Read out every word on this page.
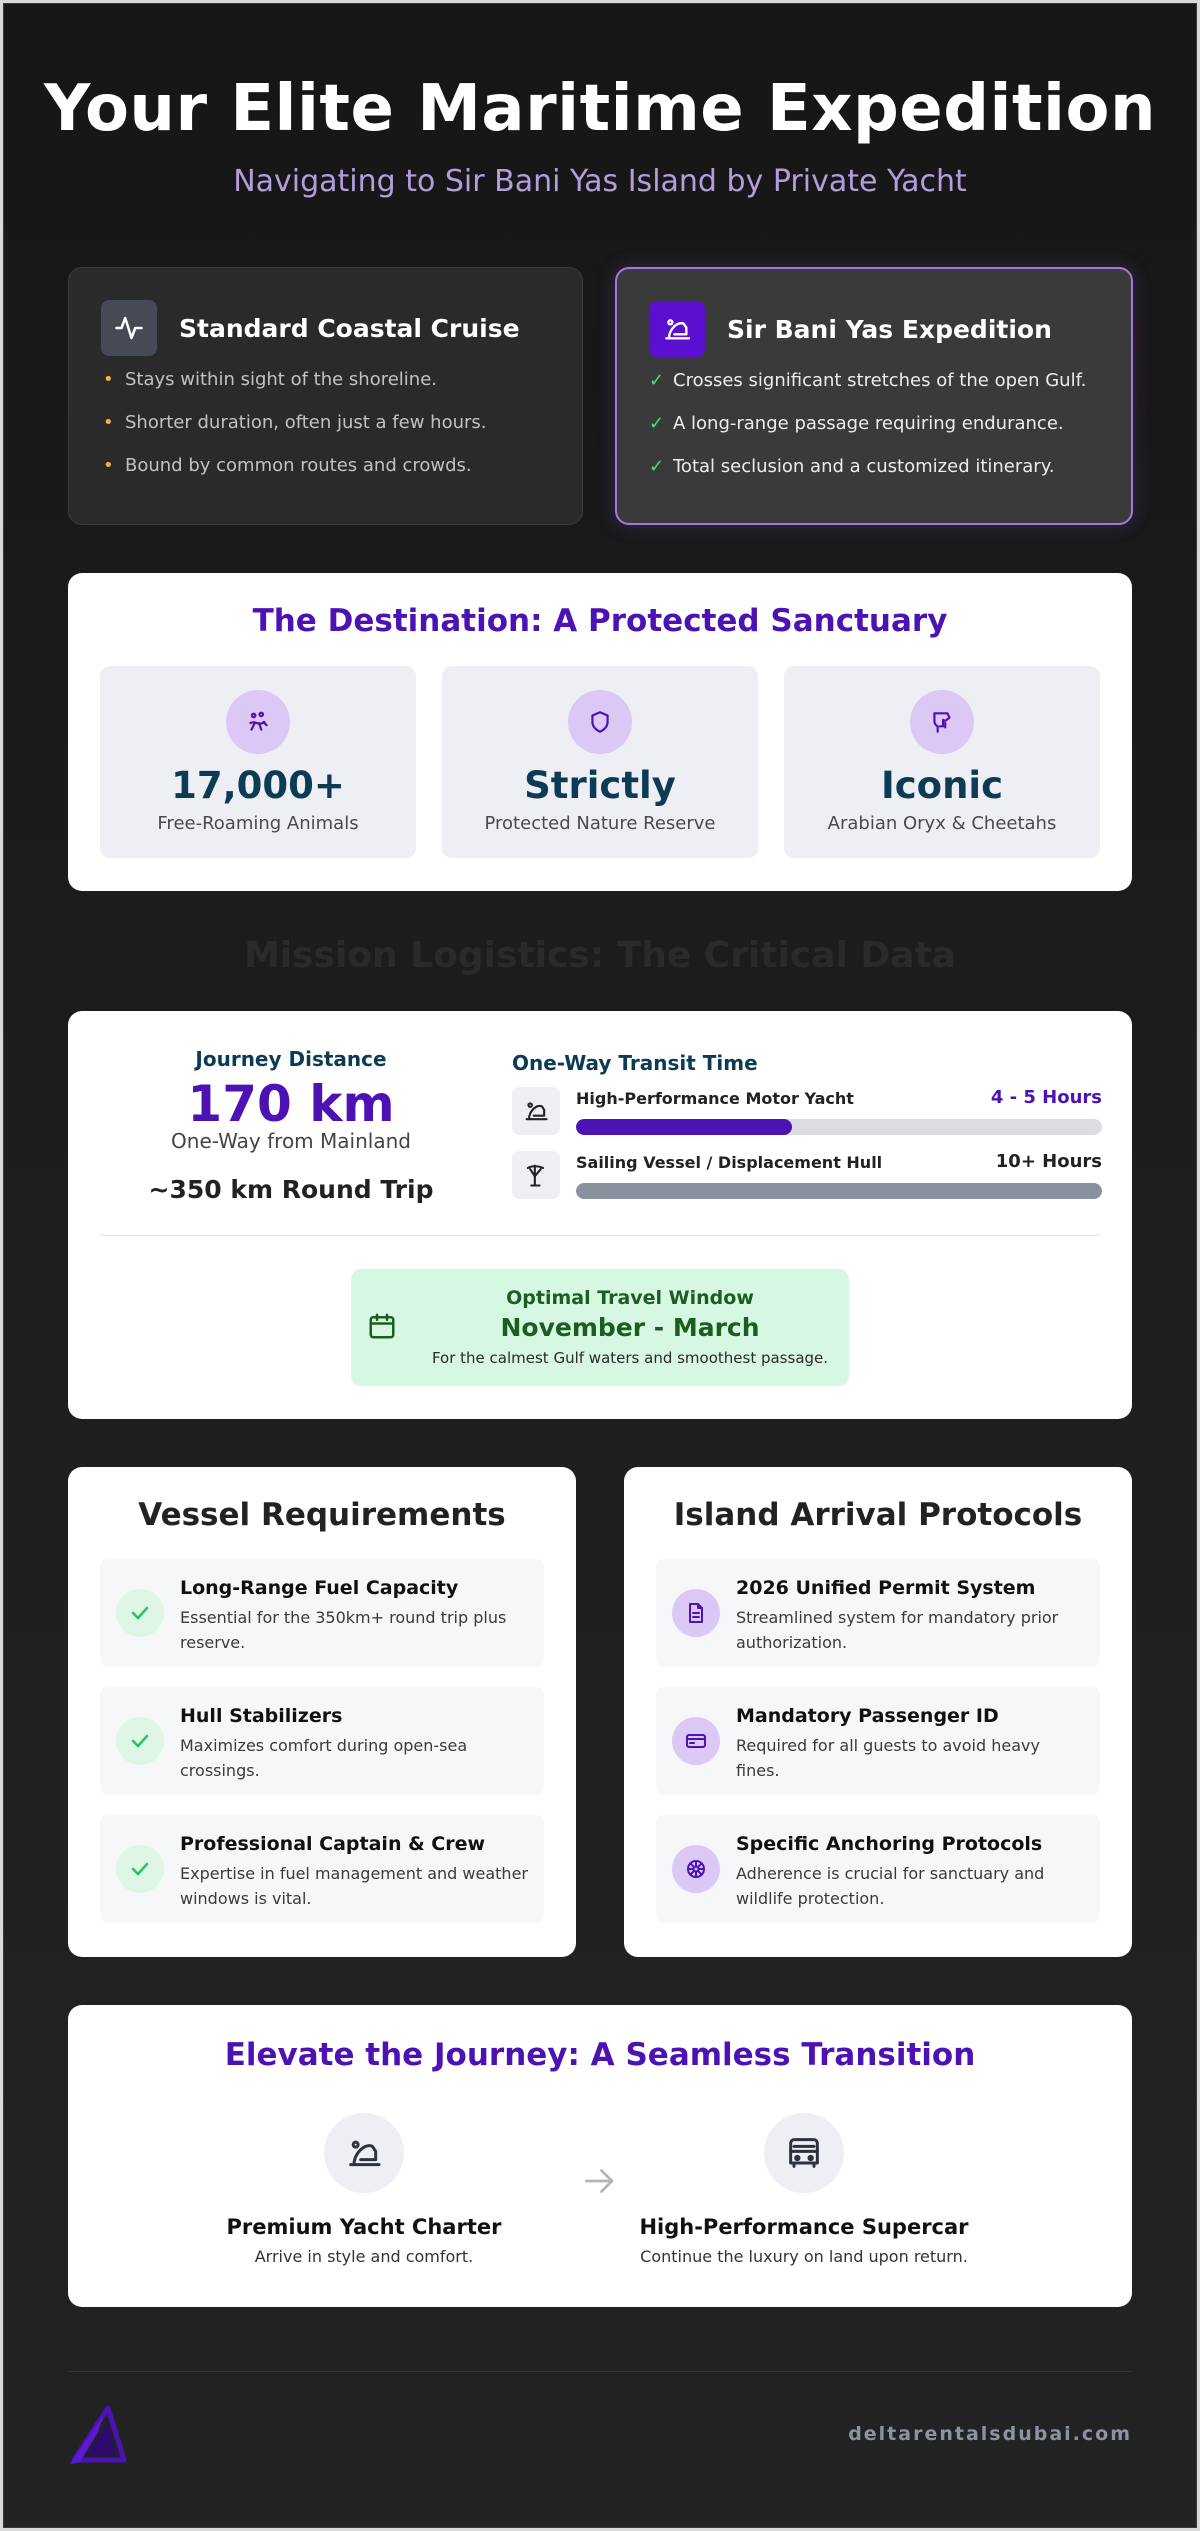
Your Elite Maritime Expedition
Navigating to Sir Bani Yas Island by Private Yacht
Standard Coastal Cruise
• Stays within sight of the shoreline.
• Shorter duration, often just a few hours.
• Bound by common routes and crowds.
Sir Bani Yas Expedition
✓ Crosses significant stretches of the open Gulf.
✓ A long-range passage requiring endurance.
✓ Total seclusion and a customized itinerary.
The Destination: A Protected Sanctuary
17,000+
Free-Roaming Animals
Strictly
Protected Nature Reserve
Iconic
Arabian Oryx & Cheetahs
Mission Logistics: The Critical Data
Journey Distance
170 km
One-Way from Mainland
~350 km Round Trip
One-Way Transit Time
High-Performance Motor Yacht	4 - 5 Hours
Sailing Vessel / Displacement Hull	10+ Hours
Optimal Travel Window
November - March
For the calmest Gulf waters and smoothest passage.
Vessel Requirements
Long-Range Fuel Capacity
Essential for the 350km+ round trip plus reserve.
Hull Stabilizers
Maximizes comfort during open-sea crossings.
Professional Captain & Crew
Expertise in fuel management and weather windows is vital.
Island Arrival Protocols
2026 Unified Permit System
Streamlined system for mandatory prior authorization.
Mandatory Passenger ID
Required for all guests to avoid heavy fines.
Specific Anchoring Protocols
Adherence is crucial for sanctuary and wildlife protection.
Elevate the Journey: A Seamless Transition
Premium Yacht Charter
Arrive in style and comfort.
High-Performance Supercar
Continue the luxury on land upon return.
deltarentalsdubai.com
